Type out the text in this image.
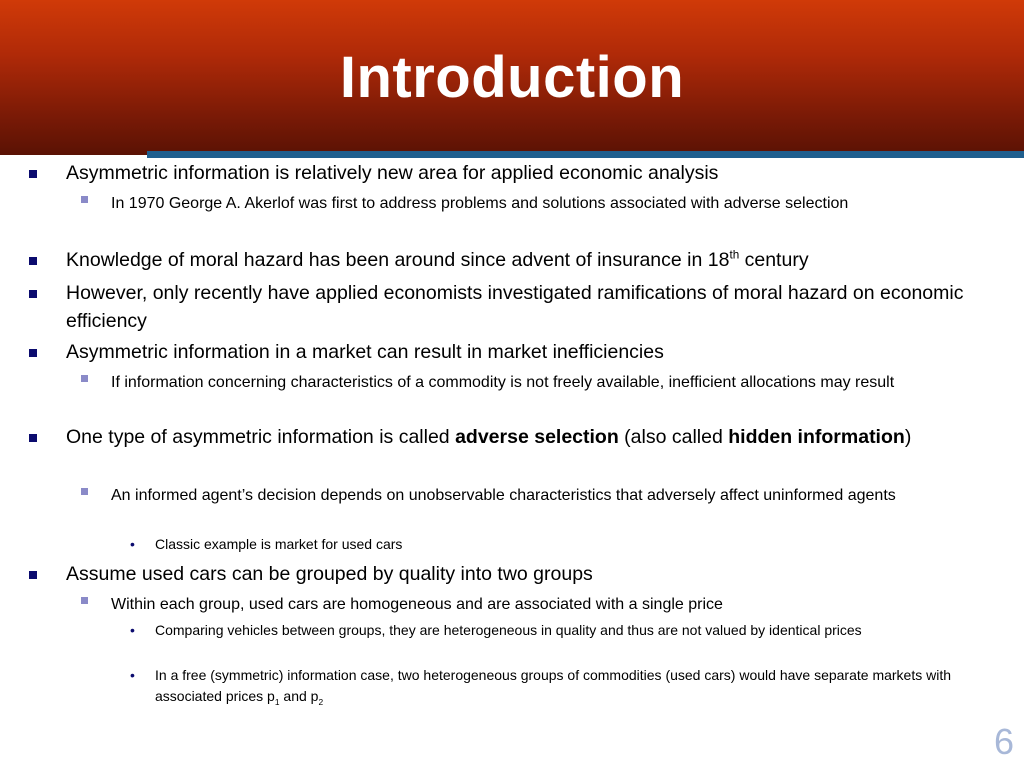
Introduction
Asymmetric information is relatively new area for applied economic analysis
In 1970 George A. Akerlof was first to address problems and solutions associated with adverse selection
Knowledge of moral hazard has been around since advent of insurance in 18th century
However, only recently have applied economists investigated ramifications of moral hazard on economic efficiency
Asymmetric information in a market can result in market inefficiencies
If information concerning characteristics of a commodity is not freely available, inefficient allocations may result
One type of asymmetric information is called adverse selection (also called hidden information)
An informed agent’s decision depends on unobservable characteristics that adversely affect uninformed agents
• Classic example is market for used cars
Assume used cars can be grouped by quality into two groups
Within each group, used cars are homogeneous and are associated with a single price
• Comparing vehicles between groups, they are heterogeneous in quality and thus are not valued by identical prices
• In a free (symmetric) information case, two heterogeneous groups of commodities (used cars) would have separate markets with associated prices $p_1$ and $p_2$
6
